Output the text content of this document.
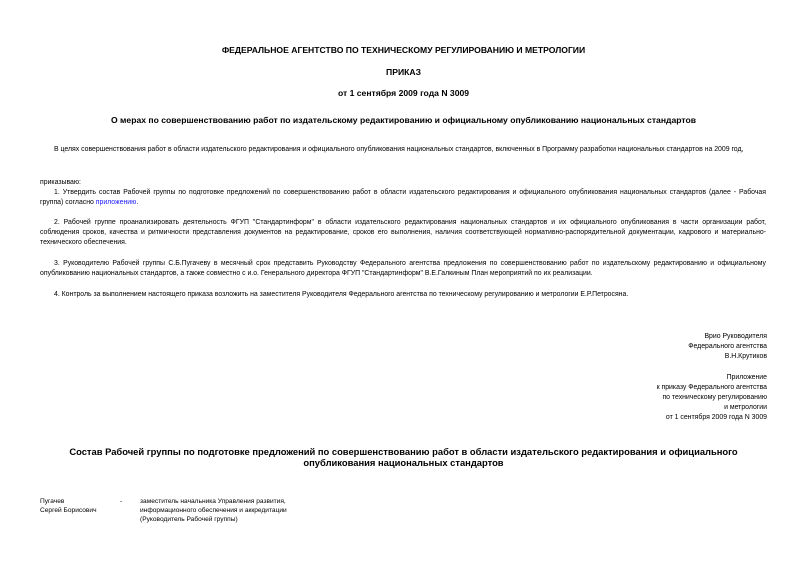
ФЕДЕРАЛЬНОЕ АГЕНТСТВО ПО ТЕХНИЧЕСКОМУ РЕГУЛИРОВАНИЮ И МЕТРОЛОГИИ
ПРИКАЗ
от 1 сентября 2009 года N 3009
О мерах по совершенствованию работ по издательскому редактированию и официальному опубликованию национальных стандартов
В целях совершенствования работ в области издательского редактирования и официального опубликования национальных стандартов, включенных в Программу разработки национальных стандартов на 2009 год,
приказываю:
1. Утвердить состав Рабочей группы по подготовке предложений по совершенствованию работ в области издательского редактирования и официального опубликования национальных стандартов (далее - Рабочая группа) согласно приложению.
2. Рабочей группе проанализировать деятельность ФГУП "Стандартинформ" в области издательского редактирования национальных стандартов и их официального опубликования в части организации работ, соблюдения сроков, качества и ритмичности представления документов на редактирование, сроков его выполнения, наличия соответствующей нормативно-распорядительной документации, кадрового и материально-технического обеспечения.
3. Руководителю Рабочей группы С.Б.Пугачеву в месячный срок представить Руководству Федерального агентства предложения по совершенствованию работ по издательскому редактированию и официальному опубликованию национальных стандартов, а также совместно с и.о. Генерального директора ФГУП "Стандартинформ" В.Е.Галкиным План мероприятий по их реализации.
4. Контроль за выполнением настоящего приказа возложить на заместителя Руководителя Федерального агентства по техническому регулированию и метрологии Е.Р.Петросяна.
Врио Руководителя
Федерального агентства
В.Н.Крутиков
Приложение
к приказу Федерального агентства
по техническому регулированию
и метрологии
от 1 сентября 2009 года N 3009
Состав Рабочей группы по подготовке предложений по совершенствованию работ в области издательского редактирования и официального опубликования национальных стандартов
Пугачев
Сергей Борисович
-	заместитель начальника Управления развития,
информационного обеспечения и аккредитации
(Руководитель Рабочей группы)
